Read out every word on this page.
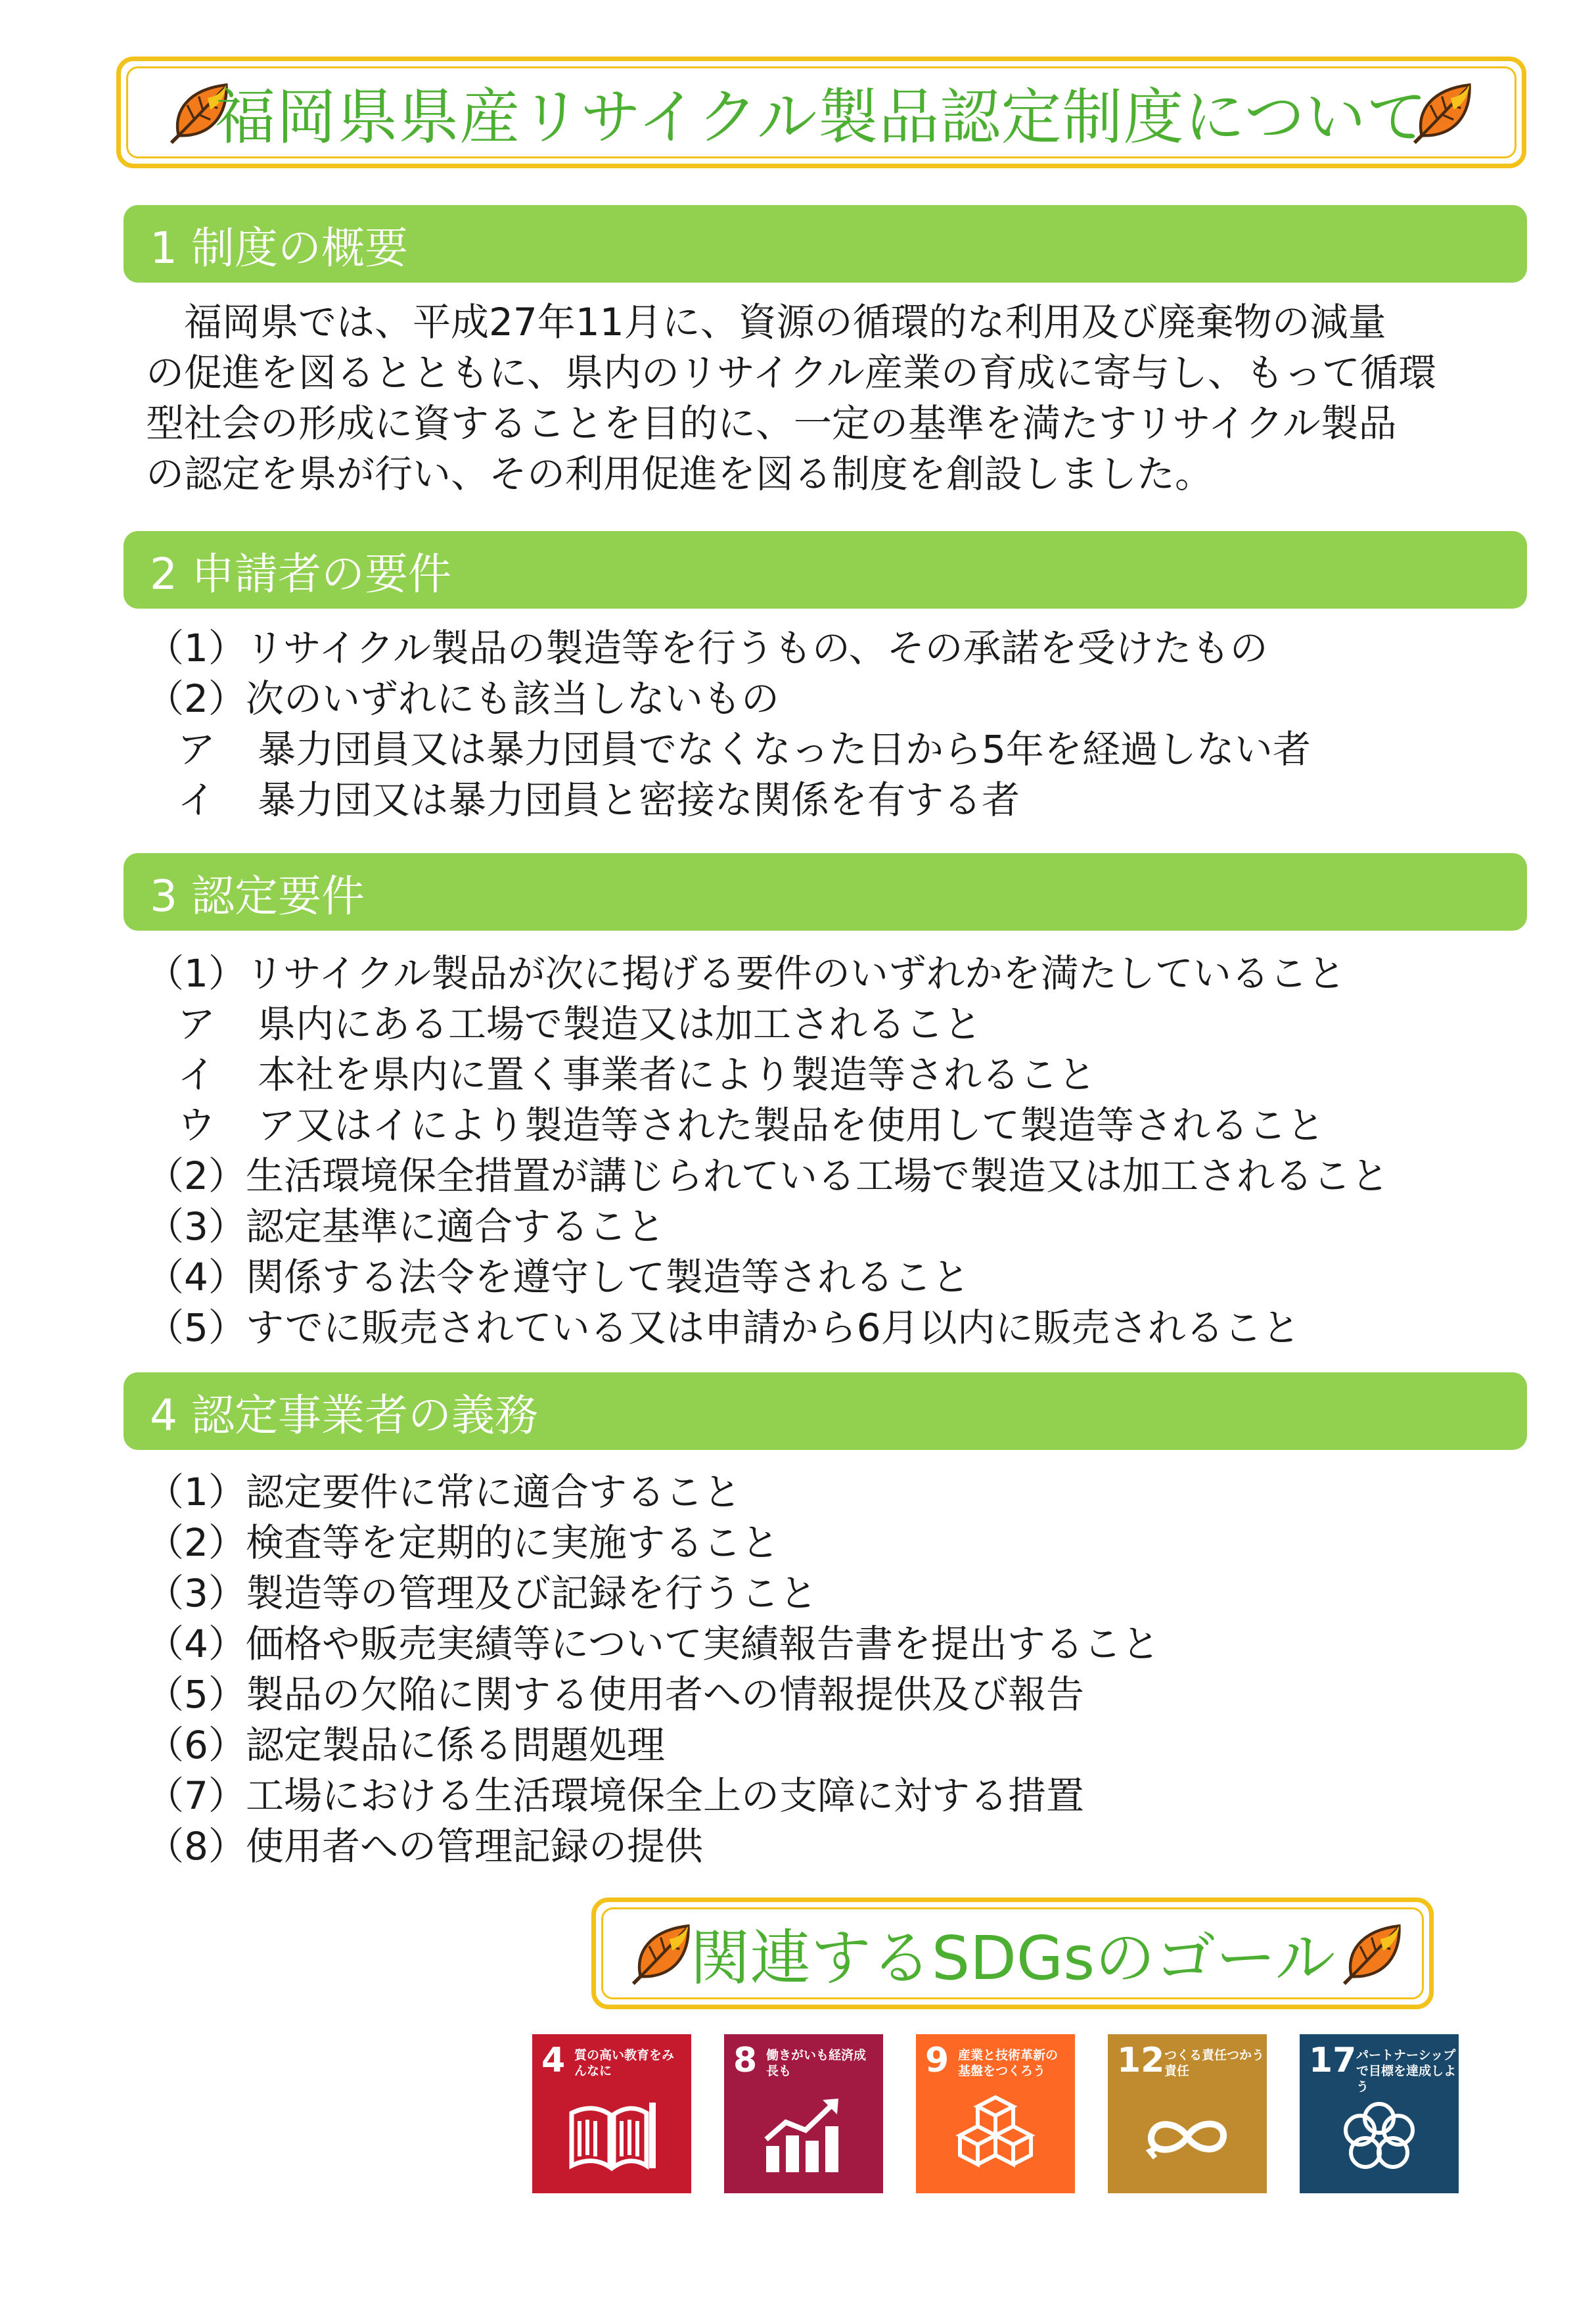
福岡県県産リサイクル製品認定制度について
1 制度の概要
　福岡県では、平成27年11月に、資源の循環的な利用及び廃棄物の減量
の促進を図るとともに、県内のリサイクル産業の育成に寄与し、もって循環
型社会の形成に資することを目的に、一定の基準を満たすリサイクル製品
の認定を県が行い、その利用促進を図る制度を創設しました。
2 申請者の要件
（1） リサイクル製品の製造等を行うもの、その承諾を受けたもの
（2） 次のいずれにも該当しないもの
ア	暴力団員又は暴力団員でなくなった日から5年を経過しない者
イ	暴力団又は暴力団員と密接な関係を有する者
3 認定要件
（1） リサイクル製品が次に掲げる要件のいずれかを満たしていること
ア	県内にある工場で製造又は加工されること
イ	本社を県内に置く事業者により製造等されること
ウ	ア又はイにより製造等された製品を使用して製造等されること
（2） 生活環境保全措置が講じられている工場で製造又は加工されること
（3） 認定基準に適合すること
（4） 関係する法令を遵守して製造等されること
（5） すでに販売されている又は申請から6月以内に販売されること
4 認定事業者の義務
（1） 認定要件に常に適合すること
（2） 検査等を定期的に実施すること
（3） 製造等の管理及び記録を行うこと
（4） 価格や販売実績等について実績報告書を提出すること
（5） 製品の欠陥に関する使用者への情報提供及び報告
（6） 認定製品に係る問題処理
（7） 工場における生活環境保全上の支障に対する措置
（8） 使用者への管理記録の提供
関連するSDGsのゴール
4 質の高い教育をみんなに	8 働きがいも経済成長も	9 産業と技術革新の基盤をつくろう	12 つくる責任つかう責任	17 パートナーシップで目標を達成しよう
